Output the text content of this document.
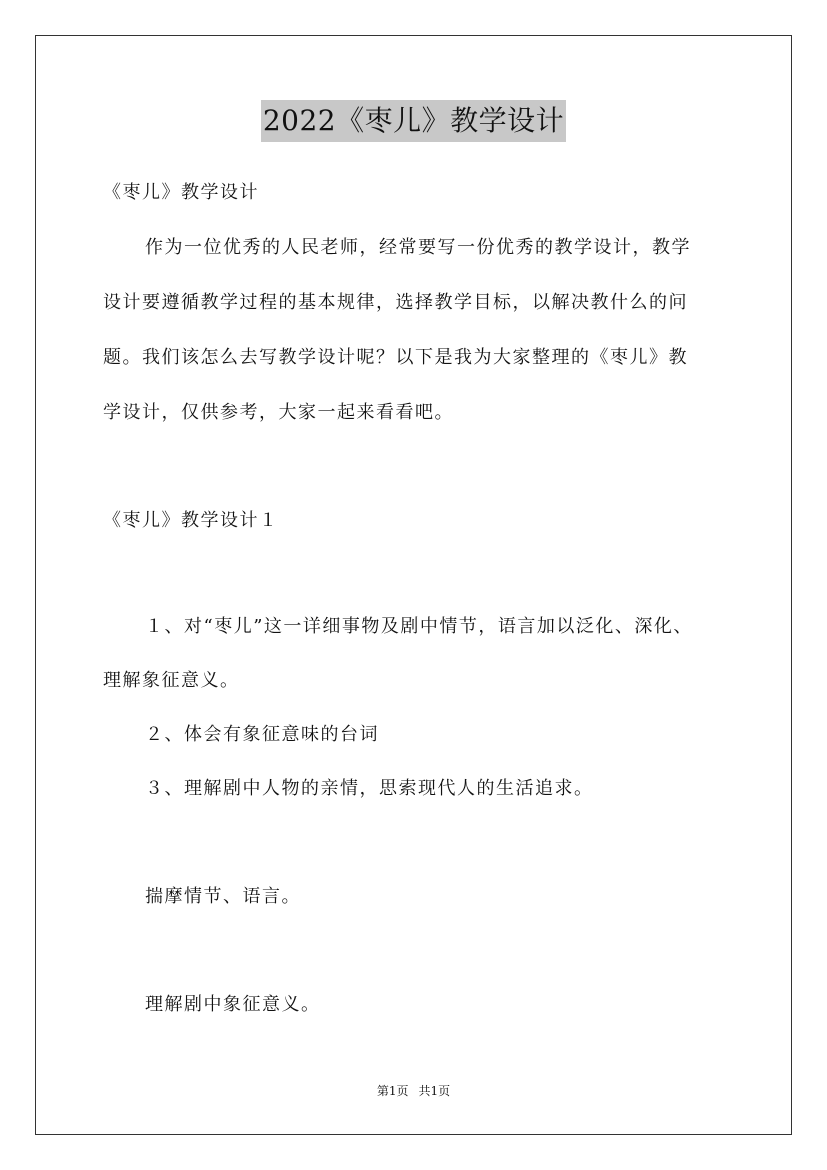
2022《枣儿》教学设计
《枣儿》教学设计
作为一位优秀的人民老师，经常要写一份优秀的教学设计，教学
设计要遵循教学过程的基本规律，选择教学目标，以解决教什么的问
题。我们该怎么去写教学设计呢？以下是我为大家整理的《枣儿》教
学设计，仅供参考，大家一起来看看吧。
《枣儿》教学设计１
１、对“枣儿”这一详细事物及剧中情节，语言加以泛化、深化、
理解象征意义。
２、体会有象征意味的台词
３、理解剧中人物的亲情，思索现代人的生活追求。
揣摩情节、语言。
理解剧中象征意义。
第1页 共1页
